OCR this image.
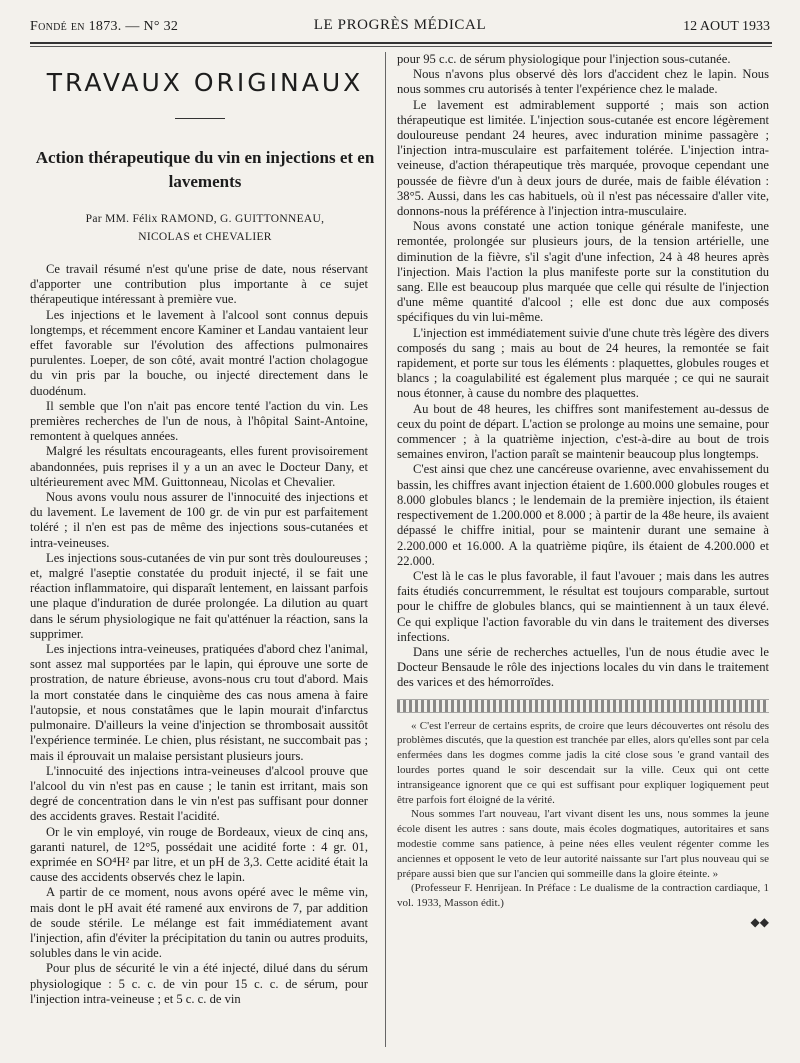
Fondé en 1873. — N° 32	LE PROGRÈS MÉDICAL	12 AOUT 1933
TRAVAUX ORIGINAUX
Action thérapeutique du vin en injections et en lavements
Par MM. Félix RAMOND, G. GUITTONNEAU,
NICOLAS et CHEVALIER

Ce travail résumé n'est qu'une prise de date, nous réservant d'apporter une contribution plus importante à ce sujet thérapeutique intéressant à première vue.

Les injections et le lavement à l'alcool sont connus depuis longtemps, et récemment encore Kaminer et Landau vantaient leur effet favorable sur l'évolution des affections pulmonaires purulentes. Loeper, de son côté, avait montré l'action cholagogue du vin pris par la bouche, ou injecté directement dans le duodénum.

Il semble que l'on n'ait pas encore tenté l'action du vin. Les premières recherches de l'un de nous, à l'hôpital Saint-Antoine, remontent à quelques années.

Malgré les résultats encourageants, elles furent provisoirement abandonnées, puis reprises il y a un an avec le Docteur Dany, et ultérieurement avec MM. Guittonneau, Nicolas et Chevalier.

Nous avons voulu nous assurer de l'innocuité des injections et du lavement. Le lavement de 100 gr. de vin pur est parfaitement toléré ; il n'en est pas de même des injections sous-cutanées et intra-veineuses.

Les injections sous-cutanées de vin pur sont très douloureuses ; et, malgré l'aseptie constatée du produit injecté, il se fait une réaction inflammatoire, qui disparaît lentement, en laissant parfois une plaque d'induration de durée prolongée. La dilution au quart dans le sérum physiologique ne fait qu'atténuer la réaction, sans la supprimer.

Les injections intra-veineuses, pratiquées d'abord chez l'animal, sont assez mal supportées par le lapin, qui éprouve une sorte de prostration, de nature ébrieuse, avons-nous cru tout d'abord. Mais la mort constatée dans le cinquième des cas nous amena à faire l'autopsie, et nous constatâmes que le lapin mourait d'infarctus pulmonaire. D'ailleurs la veine d'injection se thrombosait aussitôt l'expérience terminée. Le chien, plus résistant, ne succombait pas ; mais il éprouvait un malaise persistant plusieurs jours.

L'innocuité des injections intra-veineuses d'alcool prouve que l'alcool du vin n'est pas en cause ; le tanin est irritant, mais son degré de concentration dans le vin n'est pas suffisant pour donner des accidents graves. Restait l'acidité.

Or le vin employé, vin rouge de Bordeaux, vieux de cinq ans, garanti naturel, de 12°5, possédait une acidité forte : 4 gr. 01, exprimée en SO⁴H² par litre, et un pH de 3,3. Cette acidité était la cause des accidents observés chez le lapin.

A partir de ce moment, nous avons opéré avec le même vin, mais dont le pH avait été ramené aux environs de 7, par addition de soude stérile. Le mélange est fait immédiatement avant l'injection, afin d'éviter la précipitation du tanin ou autres produits, solubles dans le vin acide.

Pour plus de sécurité le vin a été injecté, dilué dans du sérum physiologique : 5 c. c. de vin pour 15 c. c. de sérum, pour l'injection intra-veineuse ; et 5 c. c. de vin

pour 95 c.c. de sérum physiologique pour l'injection sous-cutanée.

Nous n'avons plus observé dès lors d'accident chez le lapin. Nous nous sommes cru autorisés à tenter l'expérience chez le malade.

Le lavement est admirablement supporté ; mais son action thérapeutique est limitée. L'injection sous-cutanée est encore légèrement douloureuse pendant 24 heures, avec induration minime passagère ; l'injection intra-musculaire est parfaitement tolérée. L'injection intra-veineuse, d'action thérapeutique très marquée, provoque cependant une poussée de fièvre d'un à deux jours de durée, mais de faible élévation : 38°5. Aussi, dans les cas habituels, où il n'est pas nécessaire d'aller vite, donnons-nous la préférence à l'injection intra-musculaire.

Nous avons constaté une action tonique générale manifeste, une remontée, prolongée sur plusieurs jours, de la tension artérielle, une diminution de la fièvre, s'il s'agit d'une infection, 24 à 48 heures après l'injection. Mais l'action la plus manifeste porte sur la constitution du sang. Elle est beaucoup plus marquée que celle qui résulte de l'injection d'une même quantité d'alcool ; elle est donc due aux composés spécifiques du vin lui-même.

L'injection est immédiatement suivie d'une chute très légère des divers composés du sang ; mais au bout de 24 heures, la remontée se fait rapidement, et porte sur tous les éléments : plaquettes, globules rouges et blancs ; la coagulabilité est également plus marquée ; ce qui ne saurait nous étonner, à cause du nombre des plaquettes.

Au bout de 48 heures, les chiffres sont manifestement au-dessus de ceux du point de départ. L'action se prolonge au moins une semaine, pour commencer ; à la quatrième injection, c'est-à-dire au bout de trois semaines environ, l'action paraît se maintenir beaucoup plus longtemps.

C'est ainsi que chez une cancéreuse ovarienne, avec envahissement du bassin, les chiffres avant injection étaient de 1.600.000 globules rouges et 8.000 globules blancs ; le lendemain de la première injection, ils étaient respectivement de 1.200.000 et 8.000 ; à partir de la 48e heure, ils avaient dépassé le chiffre initial, pour se maintenir durant une semaine à 2.200.000 et 16.000. A la quatrième piqûre, ils étaient de 4.200.000 et 22.000.

C'est là le cas le plus favorable, il faut l'avouer ; mais dans les autres faits étudiés concurremment, le résultat est toujours comparable, surtout pour le chiffre de globules blancs, qui se maintiennent à un taux élevé. Ce qui explique l'action favorable du vin dans le traitement des diverses infections.

Dans une série de recherches actuelles, l'un de nous étudie avec le Docteur Bensaude le rôle des injections locales du vin dans le traitement des varices et des hémorroïdes.

« C'est l'erreur de certains esprits, de croire que leurs découvertes ont résolu des problèmes discutés, que la question est tranchée par elles, alors qu'elles sont par cela enfermées dans les dogmes comme jadis la cité close sous 'e grand vantail des lourdes portes quand le soir descendait sur la ville. Ceux qui ont cette intransigeance ignorent que ce qui est suffisant pour expliquer logiquement peut être parfois fort éloigné de la vérité.

Nous sommes l'art nouveau, l'art vivant disent les uns, nous sommes la jeune école disent les autres : sans doute, mais écoles dogmatiques, autoritaires et sans modestie comme sans patience, à peine nées elles veulent régenter comme les anciennes et opposent le veto de leur autorité naissante sur l'art plus nouveau qui se prépare aussi bien que sur l'ancien qui sommeille dans la gloire éteinte. »

(Professeur F. Henrijean. In Préface : Le dualisme de la contraction cardiaque, 1 vol. 1933, Masson édit.)

◆◆
